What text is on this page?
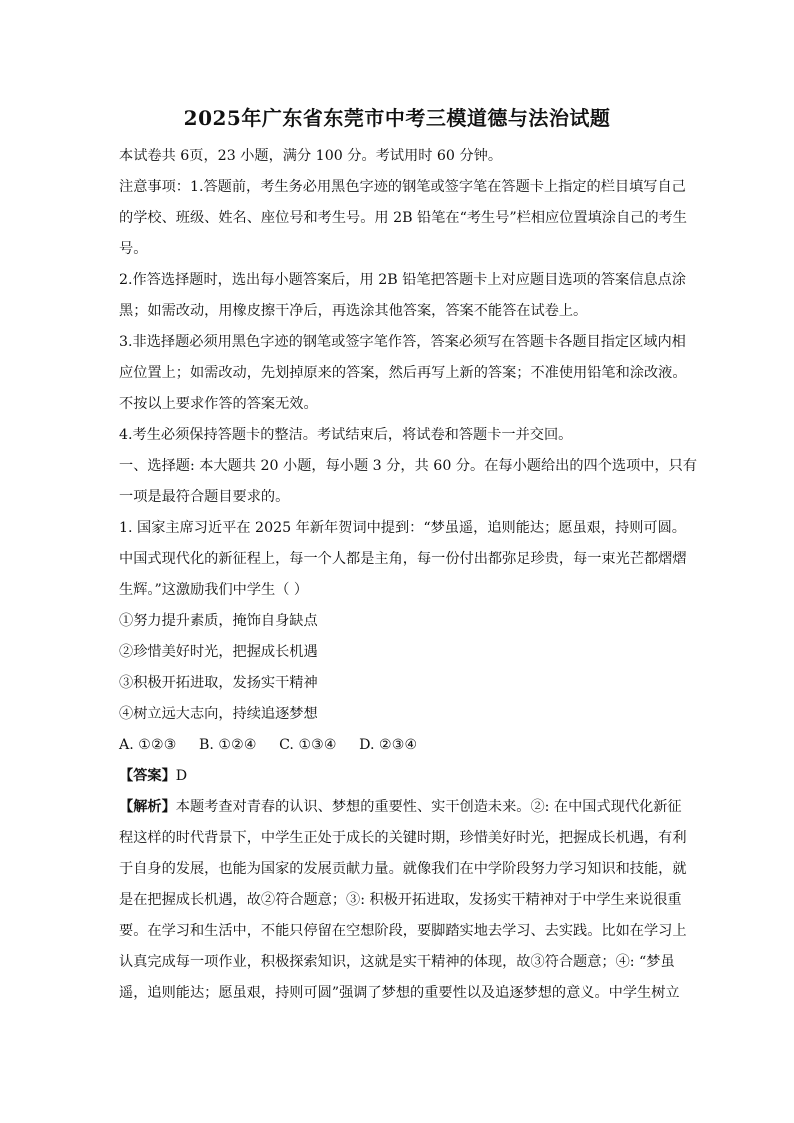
2025年广东省东莞市中考三模道德与法治试题
本试卷共 6页，23 小题，满分 100 分。考试用时 60 分钟。
注意事项：1.答题前，考生务必用黑色字迹的钢笔或签字笔在答题卡上指定的栏目填写自己
的学校、班级、姓名、座位号和考生号。用 2B 铅笔在“考生号”栏相应位置填涂自己的考生
号。
2.作答选择题时，选出每小题答案后，用 2B 铅笔把答题卡上对应题目选项的答案信息点涂
黑；如需改动，用橡皮擦干净后，再选涂其他答案，答案不能答在试卷上。
3.非选择题必须用黑色字迹的钢笔或签字笔作答，答案必须写在答题卡各题目指定区域内相
应位置上；如需改动，先划掉原来的答案，然后再写上新的答案；不准使用铅笔和涂改液。
不按以上要求作答的答案无效。
4.考生必须保持答题卡的整洁。考试结束后，将试卷和答题卡一并交回。
一、选择题: 本大题共 20 小题，每小题 3 分，共 60 分。在每小题给出的四个选项中，只有
一项是最符合题目要求的。
1. 国家主席习近平在 2025 年新年贺词中提到：“梦虽遥，追则能达；愿虽艰，持则可圆。
中国式现代化的新征程上，每一个人都是主角，每一份付出都弥足珍贵，每一束光芒都熠熠
生辉。”这激励我们中学生（ ）
①努力提升素质，掩饰自身缺点
②珍惜美好时光，把握成长机遇
③积极开拓进取，发扬实干精神
④树立远大志向，持续追逐梦想
A. ①②③ B. ①②④ C. ①③④ D. ②③④
【答案】D
【解析】本题考查对青春的认识、梦想的重要性、实干创造未来。②: 在中国式现代化新征
程这样的时代背景下，中学生正处于成长的关键时期，珍惜美好时光，把握成长机遇，有利
于自身的发展，也能为国家的发展贡献力量。就像我们在中学阶段努力学习知识和技能，就
是在把握成长机遇，故②符合题意；③: 积极开拓进取，发扬实干精神对于中学生来说很重
要。在学习和生活中，不能只停留在空想阶段，要脚踏实地去学习、去实践。比如在学习上
认真完成每一项作业，积极探索知识，这就是实干精神的体现，故③符合题意；④: “梦虽
遥，追则能达；愿虽艰，持则可圆”强调了梦想的重要性以及追逐梦想的意义。中学生树立
